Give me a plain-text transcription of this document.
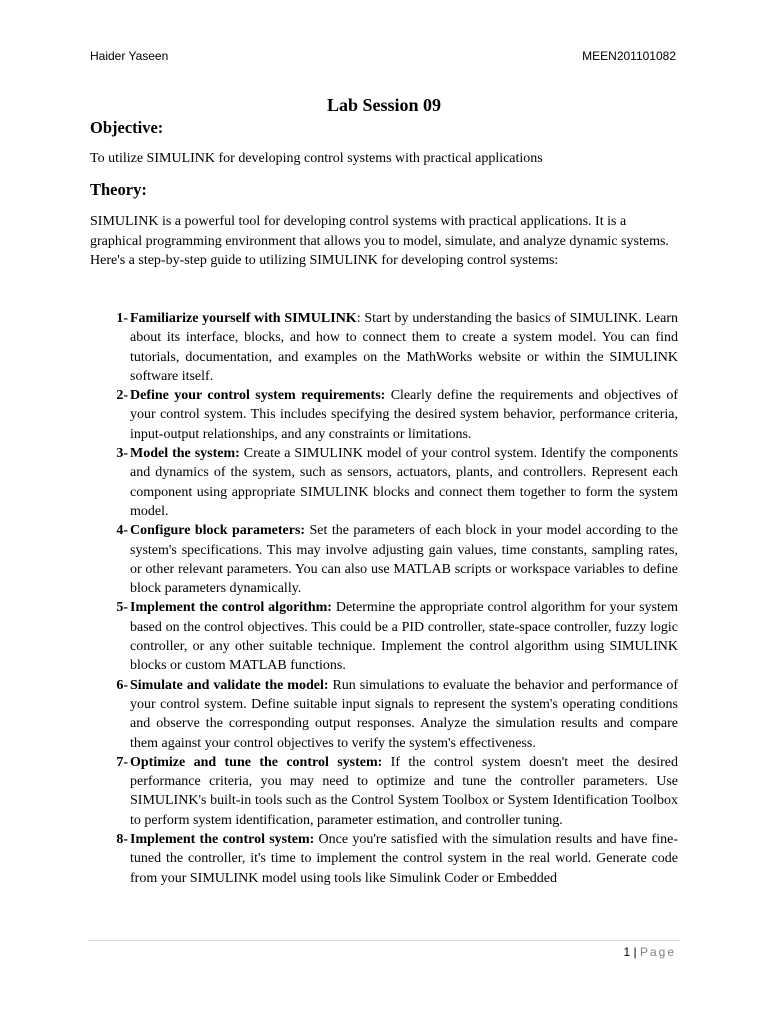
Haider Yaseen	MEEN201101082
Lab Session 09
Objective:

To utilize SIMULINK for developing control systems with practical applications

Theory:

SIMULINK is a powerful tool for developing control systems with practical applications. It is a graphical programming environment that allows you to model, simulate, and analyze dynamic systems. Here's a step-by-step guide to utilizing SIMULINK for developing control systems:

1- Familiarize yourself with SIMULINK: Start by understanding the basics of SIMULINK. Learn about its interface, blocks, and how to connect them to create a system model. You can find tutorials, documentation, and examples on the MathWorks website or within the SIMULINK software itself.
2- Define your control system requirements: Clearly define the requirements and objectives of your control system. This includes specifying the desired system behavior, performance criteria, input-output relationships, and any constraints or limitations.
3- Model the system: Create a SIMULINK model of your control system. Identify the components and dynamics of the system, such as sensors, actuators, plants, and controllers. Represent each component using appropriate SIMULINK blocks and connect them together to form the system model.
4- Configure block parameters: Set the parameters of each block in your model according to the system's specifications. This may involve adjusting gain values, time constants, sampling rates, or other relevant parameters. You can also use MATLAB scripts or workspace variables to define block parameters dynamically.
5- Implement the control algorithm: Determine the appropriate control algorithm for your system based on the control objectives. This could be a PID controller, state-space controller, fuzzy logic controller, or any other suitable technique. Implement the control algorithm using SIMULINK blocks or custom MATLAB functions.
6- Simulate and validate the model: Run simulations to evaluate the behavior and performance of your control system. Define suitable input signals to represent the system's operating conditions and observe the corresponding output responses. Analyze the simulation results and compare them against your control objectives to verify the system's effectiveness.
7- Optimize and tune the control system: If the control system doesn't meet the desired performance criteria, you may need to optimize and tune the controller parameters. Use SIMULINK's built-in tools such as the Control System Toolbox or System Identification Toolbox to perform system identification, parameter estimation, and controller tuning.
8- Implement the control system: Once you're satisfied with the simulation results and have fine-tuned the controller, it's time to implement the control system in the real world. Generate code from your SIMULINK model using tools like Simulink Coder or Embedded
1 | Page
